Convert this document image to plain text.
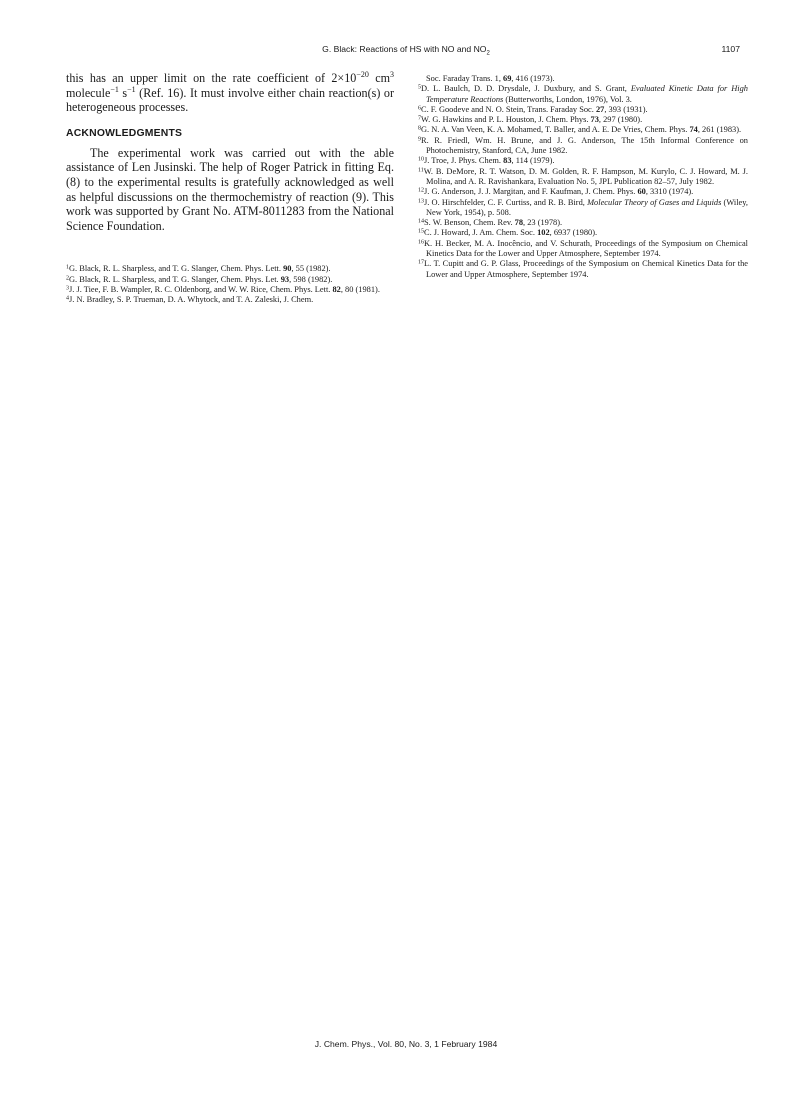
G. Black: Reactions of HS with NO and $NO_2$	1107

this has an upper limit on the rate coefficient of $2\times 10^{-20}$ $cm^3$ molecule$^{-1}$ $s^{-1}$ (Ref. 16). It must involve either chain reaction(s) or heterogeneous processes.

ACKNOWLEDGMENTS

The experimental work was carried out with the able assistance of Len Jusinski. The help of Roger Patrick in fitting Eq. (8) to the experimental results is gratefully acknowledged as well as helpful discussions on the thermochemistry of reaction (9). This work was supported by Grant No. ATM-8011283 from the National Science Foundation.

$^1$G. Black, R. L. Sharpless, and T. G. Slanger, Chem. Phys. Lett. 90, 55 (1982).

$^2$G. Black, R. L. Sharpless, and T. G. Slanger, Chem. Phys. Let. 93, 598 (1982).

$^3$J. J. Tiee, F. B. Wampler, R. C. Oldenborg, and W. W. Rice, Chem. Phys. Lett. 82, 80 (1981).

$^4$J. N. Bradley, S. P. Trueman, D. A. Whytock, and T. A. Zaleski, J. Chem.

Soc. Faraday Trans. 1, 69, 416 (1973).

$^5$D. L. Baulch, D. D. Drysdale, J. Duxbury, and S. Grant, Evaluated Kinetic Data for High Temperature Reactions (Butterworths, London, 1976), Vol. 3.

$^6$C. F. Goodeve and N. O. Stein, Trans. Faraday Soc. 27, 393 (1931).

$^7$W. G. Hawkins and P. L. Houston, J. Chem. Phys. 73, 297 (1980).

$^8$G. N. A. Van Veen, K. A. Mohamed, T. Baller, and A. E. De Vries, Chem. Phys. 74, 261 (1983).

$^9$R. R. Friedl, Wm. H. Brune, and J. G. Anderson, The 15th Informal Conference on Photochemistry, Stanford, CA, June 1982.

$^{10}$J. Troe, J. Phys. Chem. 83, 114 (1979).

$^{11}$W. B. DeMore, R. T. Watson, D. M. Golden, R. F. Hampson, M. Kurylo, C. J. Howard, M. J. Molina, and A. R. Ravishankara, Evaluation No. 5, JPL Publication 82–57, July 1982.

$^{12}$J. G. Anderson, J. J. Margitan, and F. Kaufman, J. Chem. Phys. 60, 3310 (1974).

$^{13}$J. O. Hirschfelder, C. F. Curtiss, and R. B. Bird, Molecular Theory of Gases and Liquids (Wiley, New York, 1954), p. 508.

$^{14}$S. W. Benson, Chem. Rev. 78, 23 (1978).

$^{15}$C. J. Howard, J. Am. Chem. Soc. 102, 6937 (1980).

$^{16}$K. H. Becker, M. A. Inocêncio, and V. Schurath, Proceedings of the Symposium on Chemical Kinetics Data for the Lower and Upper Atmosphere, September 1974.

$^{17}$L. T. Cupitt and G. P. Glass, Proceedings of the Symposium on Chemical Kinetics Data for the Lower and Upper Atmosphere, September 1974.

J. Chem. Phys., Vol. 80, No. 3, 1 February 1984
